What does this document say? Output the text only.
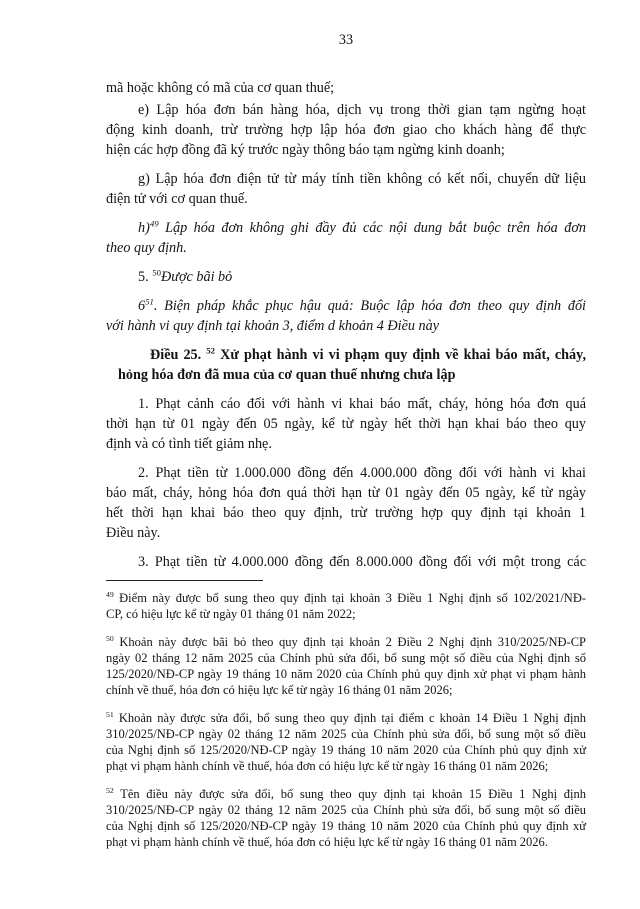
33
mã hoặc không có mã của cơ quan thuế;
e) Lập hóa đơn bán hàng hóa, dịch vụ trong thời gian tạm ngừng hoạt
động kinh doanh, trừ trường hợp lập hóa đơn giao cho khách hàng để thực
hiện các hợp đồng đã ký trước ngày thông báo tạm ngừng kinh doanh;
g) Lập hóa đơn điện tử từ máy tính tiền không có kết nối, chuyển dữ liệu
điện tử với cơ quan thuế.
h)$^{49}$ Lập hóa đơn không ghi đầy đủ các nội dung bắt buộc trên hóa đơn
theo quy định.
5. $^{50}$Được bãi bỏ
6$^{51}$. Biện pháp khắc phục hậu quả: Buộc lập hóa đơn theo quy định đối
với hành vi quy định tại khoản 3, điểm d khoản 4 Điều này
Điều 25. $^{52}$ Xử phạt hành vi vi phạm quy định về khai báo mất, cháy,
hỏng hóa đơn đã mua của cơ quan thuế nhưng chưa lập
1. Phạt cảnh cáo đối với hành vi khai báo mất, cháy, hỏng hóa đơn quá
thời hạn từ 01 ngày đến 05 ngày, kể từ ngày hết thời hạn khai báo theo quy
định và có tình tiết giảm nhẹ.
2. Phạt tiền từ 1.000.000 đồng đến 4.000.000 đồng đối với hành vi khai
báo mất, cháy, hỏng hóa đơn quá thời hạn từ 01 ngày đến 05 ngày, kể từ ngày
hết thời hạn khai báo theo quy định, trừ trường hợp quy định tại khoản 1
Điều này.
3. Phạt tiền từ 4.000.000 đồng đến 8.000.000 đồng đối với một trong các
$^{49}$ Điểm này được bổ sung theo quy định tại khoản 3 Điều 1 Nghị định số 102/2021/NĐ-
CP, có hiệu lực kể từ ngày 01 tháng 01 năm 2022;
$^{50}$ Khoản này được bãi bỏ theo quy định tại khoản 2 Điều 2 Nghị định 310/2025/NĐ-CP
ngày 02 tháng 12 năm 2025 của Chính phủ sửa đổi, bổ sung một số điều của Nghị định số
125/2020/NĐ-CP ngày 19 tháng 10 năm 2020 của Chính phủ quy định xử phạt vi phạm hành
chính về thuế, hóa đơn có hiệu lực kể từ ngày 16 tháng 01 năm 2026;
$^{51}$ Khoản này được sửa đổi, bổ sung theo quy định tại điểm c khoản 14 Điều 1 Nghị định
310/2025/NĐ-CP ngày 02 tháng 12 năm 2025 của Chính phủ sửa đổi, bổ sung một số điều
của Nghị định số 125/2020/NĐ-CP ngày 19 tháng 10 năm 2020 của Chính phủ quy định xử
phạt vi phạm hành chính về thuế, hóa đơn có hiệu lực kể từ ngày 16 tháng 01 năm 2026;
$^{52}$ Tên điều này được sửa đổi, bổ sung theo quy định tại khoản 15 Điều 1 Nghị định
310/2025/NĐ-CP ngày 02 tháng 12 năm 2025 của Chính phủ sửa đổi, bổ sung một số điều
của Nghị định số 125/2020/NĐ-CP ngày 19 tháng 10 năm 2020 của Chính phủ quy định xử
phạt vi phạm hành chính về thuế, hóa đơn có hiệu lực kể từ ngày 16 tháng 01 năm 2026.
